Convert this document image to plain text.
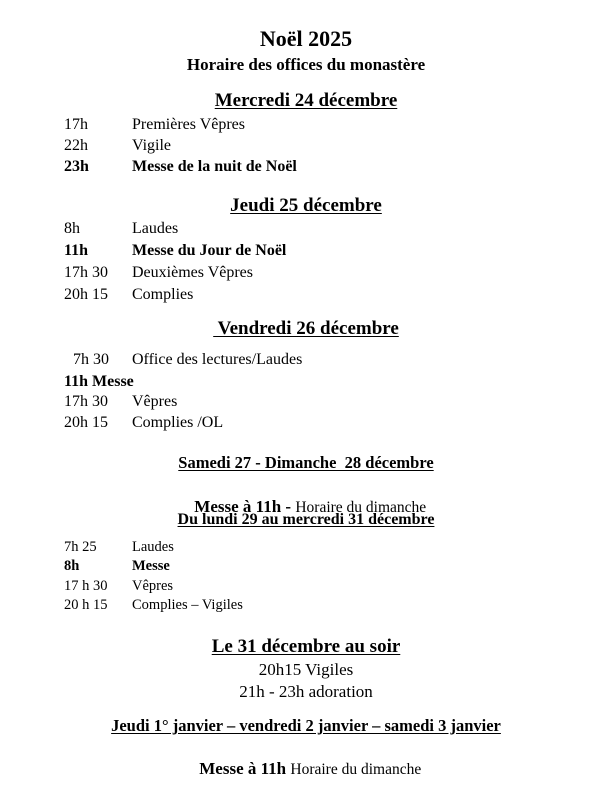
Noël 2025
Horaire des offices du monastère
Mercredi 24 décembre
17h	Premières Vêpres
22h	Vigile
23h	Messe de la nuit de Noël
Jeudi 25 décembre
8h	Laudes
11h	Messe du Jour de Noël
17h 30 Deuxièmes Vêpres
20h 15 Complies
Vendredi 26 décembre
7h 30 Office des lectures/Laudes
11h Messe
17h 30 Vêpres
20h 15 Complies /OL
Samedi 27 - Dimanche  28 décembre

Messe à 11h - Horaire du dimanche

Du lundi 29 au mercredi 31 décembre
7h 25 Laudes
8h	Messe
17 h 30 Vêpres
20 h 15 Complies – Vigiles
Le 31 décembre au soir
20h15 Vigiles
21h - 23h adoration
Jeudi 1° janvier – vendredi 2 janvier – samedi 3 janvier

Messe à 11h Horaire du dimanche
